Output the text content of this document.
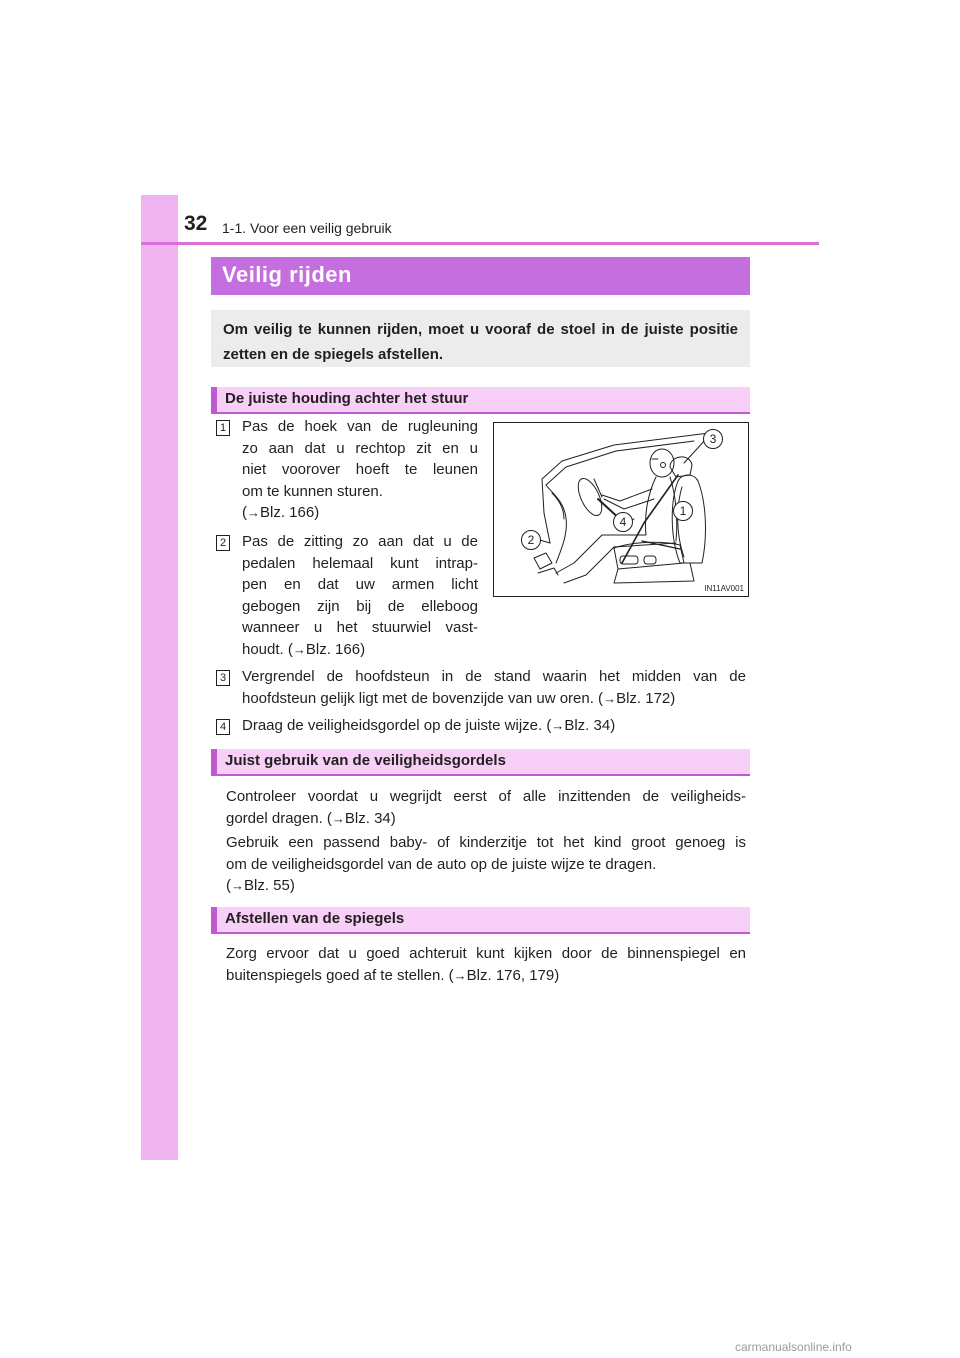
32 1-1. Voor een veilig gebruik
Veilig rijden
Om veilig te kunnen rijden, moet u vooraf de stoel in de juiste positie zetten en de spiegels afstellen.
De juiste houding achter het stuur
1 Pas de hoek van de rugleuning
zo aan dat u rechtop zit en u
niet voorover hoeft te leunen
om te kunnen sturen.
(→Blz. 166)
2 Pas de zitting zo aan dat u de
pedalen helemaal kunt intrap-
pen en dat uw armen licht
gebogen zijn bij de elleboog
wanneer u het stuurwiel vast-
houdt. (→Blz. 166)
3
1
4
2
IN11AV001
3 Vergrendel de hoofdsteun in de stand waarin het midden van de
hoofdsteun gelijk ligt met de bovenzijde van uw oren. (→Blz. 172)
4 Draag de veiligheidsgordel op de juiste wijze. (→Blz. 34)
Juist gebruik van de veiligheidsgordels
Controleer voordat u wegrijdt eerst of alle inzittenden de veiligheids-
gordel dragen. (→Blz. 34)
Gebruik een passend baby- of kinderzitje tot het kind groot genoeg is
om de veiligheidsgordel van de auto op de juiste wijze te dragen.
(→Blz. 55)
Afstellen van de spiegels
Zorg ervoor dat u goed achteruit kunt kijken door de binnenspiegel en
buitenspiegels goed af te stellen. (→Blz. 176, 179)
carmanualsonline.info
